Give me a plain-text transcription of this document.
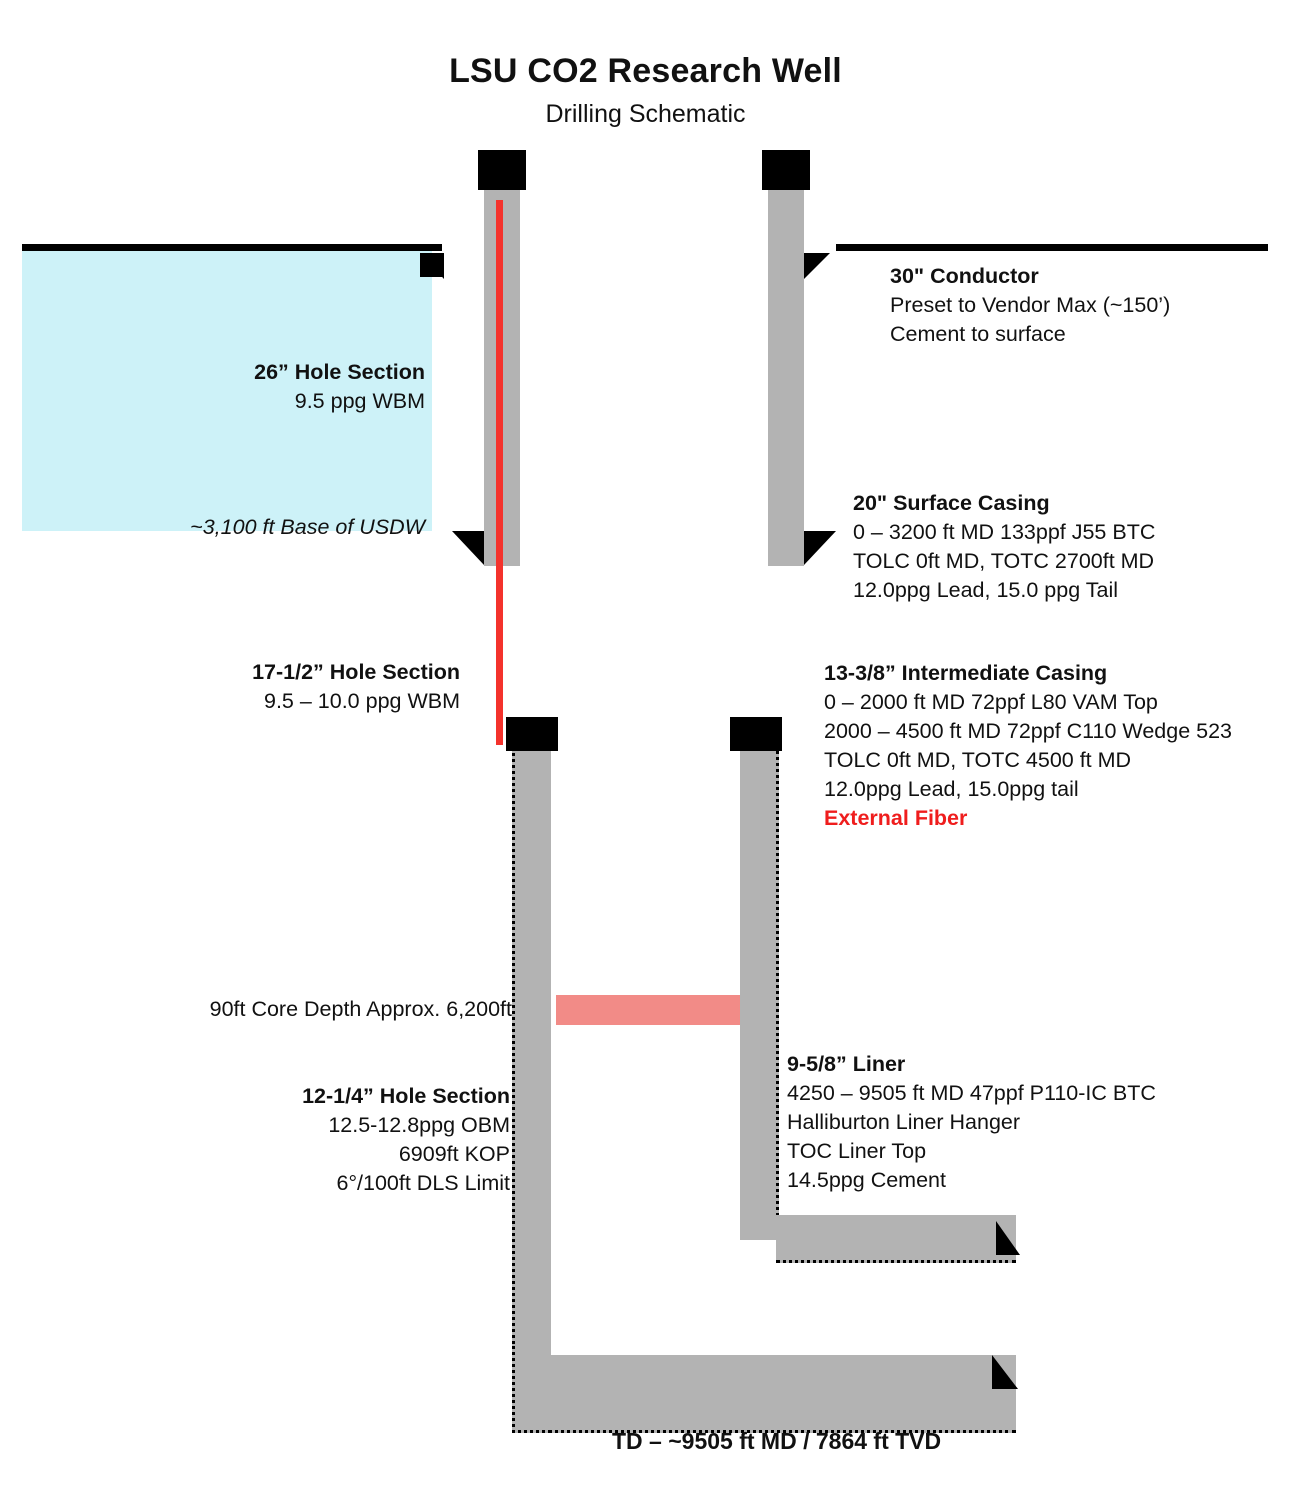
LSU CO2 Research Well
Drilling Schematic
26” Hole Section
9.5 ppg WBM
~3,100 ft Base of USDW
17-1/2” Hole Section
9.5 – 10.0 ppg WBM
90ft Core Depth Approx. 6,200ft
12-1/4” Hole Section
12.5-12.8ppg OBM
6909ft KOP
6°/100ft DLS Limit
30" Conductor
Preset to Vendor Max (~150’)
Cement to surface
20" Surface Casing
0 – 3200 ft MD 133ppf J55 BTC
TOLC 0ft MD, TOTC 2700ft MD
12.0ppg Lead, 15.0 ppg Tail
13-3/8” Intermediate Casing
0 – 2000 ft MD 72ppf L80 VAM Top
2000 – 4500 ft MD 72ppf C110 Wedge 523
TOLC 0ft MD, TOTC 4500 ft MD
12.0ppg Lead, 15.0ppg tail
External Fiber
9-5/8” Liner
4250 – 9505 ft MD 47ppf P110-IC BTC
Halliburton Liner Hanger
TOC Liner Top
14.5ppg Cement
TD – ~9505 ft MD / 7864 ft TVD
